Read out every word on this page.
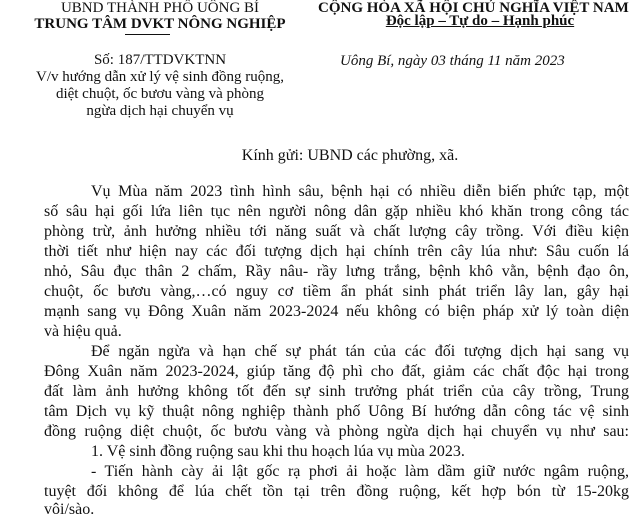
UBND THÀNH PHỐ UÔNG BÍ
TRUNG TÂM DVKT NÔNG NGHIỆP
Số: 187/TTDVKTNN
V/v hướng dẫn xử lý vệ sinh đồng ruộng,
diệt chuột, ốc bươu vàng và phòng
ngừa dịch hại chuyển vụ
CỘNG HÒA XÃ HỘI CHỦ NGHĨA VIỆT NAM
Độc lập – Tự do – Hạnh phúc
Uông Bí, ngày 03 tháng 11 năm 2023
Kính gửi: UBND các phường, xã.
Vụ Mùa năm 2023 tình hình sâu, bệnh hại có nhiều diễn biến phức tạp, một
số sâu hại gối lứa liên tục nên người nông dân gặp nhiều khó khăn trong công tác
phòng trừ, ảnh hưởng nhiều tới năng suất và chất lượng cây trồng. Với điều kiện
thời tiết như hiện nay các đối tượng dịch hại chính trên cây lúa như: Sâu cuốn lá
nhỏ, Sâu đục thân 2 chấm, Rầy nâu- rầy lưng trắng, bệnh khô vằn, bệnh đạo ôn,
chuột, ốc bươu vàng,…có nguy cơ tiềm ẩn phát sinh phát triển lây lan, gây hại
mạnh sang vụ Đông Xuân năm 2023-2024 nếu không có biện pháp xử lý toàn diện
và hiệu quả.
Để ngăn ngừa và hạn chế sự phát tán của các đối tượng dịch hại sang vụ
Đông Xuân năm 2023-2024, giúp tăng độ phì cho đất, giảm các chất độc hại trong
đất làm ảnh hưởng không tốt đến sự sinh trưởng phát triển của cây trồng, Trung
tâm Dịch vụ kỹ thuật nông nghiệp thành phố Uông Bí hướng dẫn công tác vệ sinh
đồng ruộng diệt chuột, ốc bươu vàng và phòng ngừa dịch hại chuyển vụ như sau:
1. Vệ sinh đồng ruộng sau khi thu hoạch lúa vụ mùa 2023.
- Tiến hành cày ải lật gốc rạ phơi ải hoặc làm dầm giữ nước ngâm ruộng,
tuyệt đối không để lúa chết tồn tại trên đồng ruộng, kết hợp bón từ 15-20kg
vôi/sào.
